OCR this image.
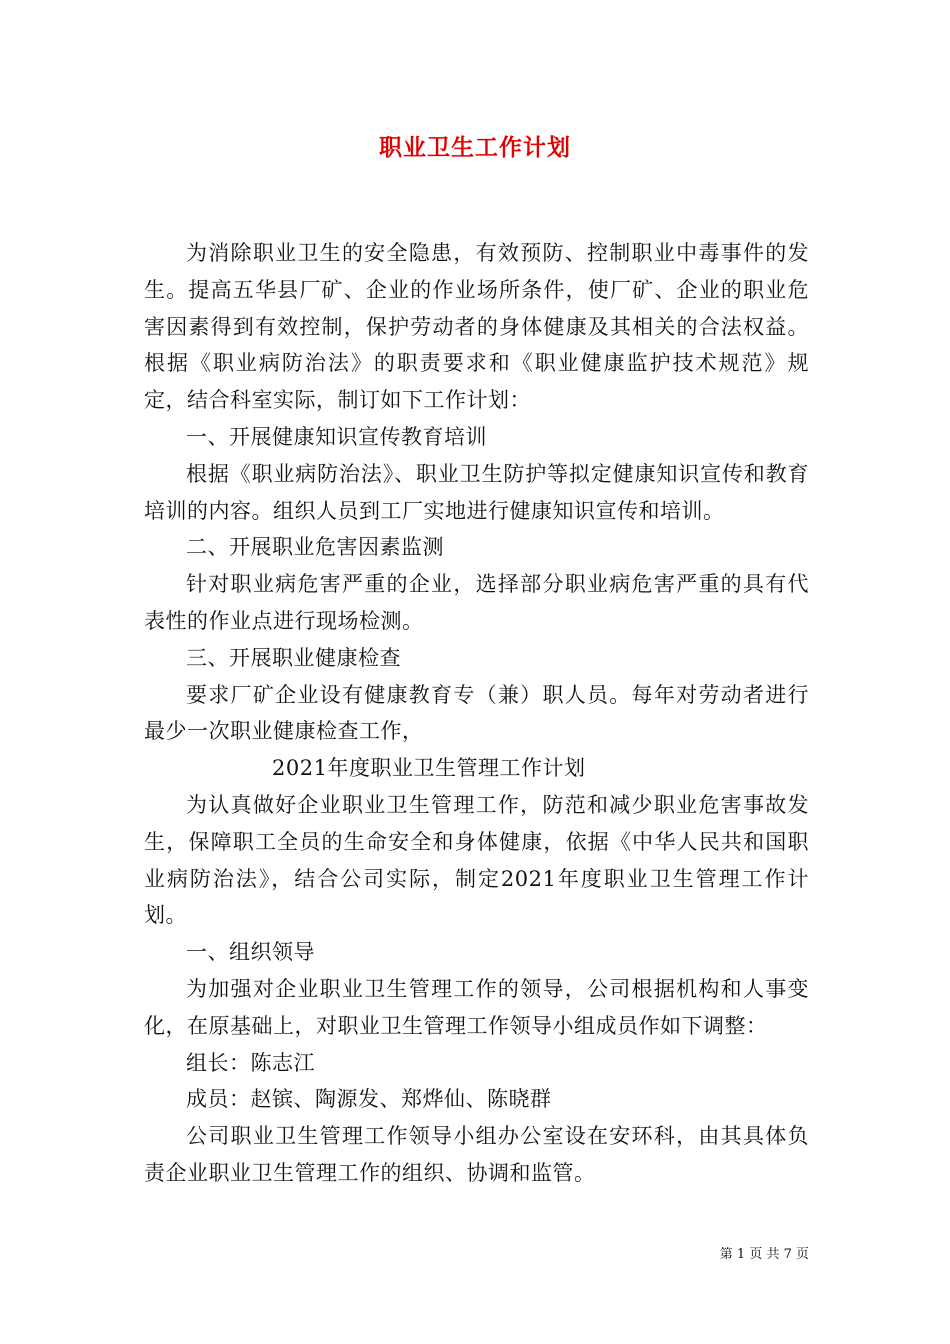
职业卫生工作计划

为消除职业卫生的安全隐患，有效预防、控制职业中毒事件的发生。提高五华县厂矿、企业的作业场所条件，使厂矿、企业的职业危害因素得到有效控制，保护劳动者的身体健康及其相关的合法权益。根据《职业病防治法》的职责要求和《职业健康监护技术规范》规定，结合科室实际，制订如下工作计划：

一、开展健康知识宣传教育培训

根据《职业病防治法》、职业卫生防护等拟定健康知识宣传和教育培训的内容。组织人员到工厂实地进行健康知识宣传和培训。

二、开展职业危害因素监测

针对职业病危害严重的企业，选择部分职业病危害严重的具有代表性的作业点进行现场检测。

三、开展职业健康检查

要求厂矿企业设有健康教育专（兼）职人员。每年对劳动者进行最少一次职业健康检查工作，

2021年度职业卫生管理工作计划

为认真做好企业职业卫生管理工作，防范和减少职业危害事故发生，保障职工全员的生命安全和身体健康，依据《中华人民共和国职业病防治法》，结合公司实际，制定2021年度职业卫生管理工作计划。

一、组织领导

为加强对企业职业卫生管理工作的领导，公司根据机构和人事变化，在原基础上，对职业卫生管理工作领导小组成员作如下调整：

组长：陈志江

成员：赵镔、陶源发、郑烨仙、陈晓群

公司职业卫生管理工作领导小组办公室设在安环科，由其具体负责企业职业卫生管理工作的组织、协调和监管。

第 1 页 共 7 页
